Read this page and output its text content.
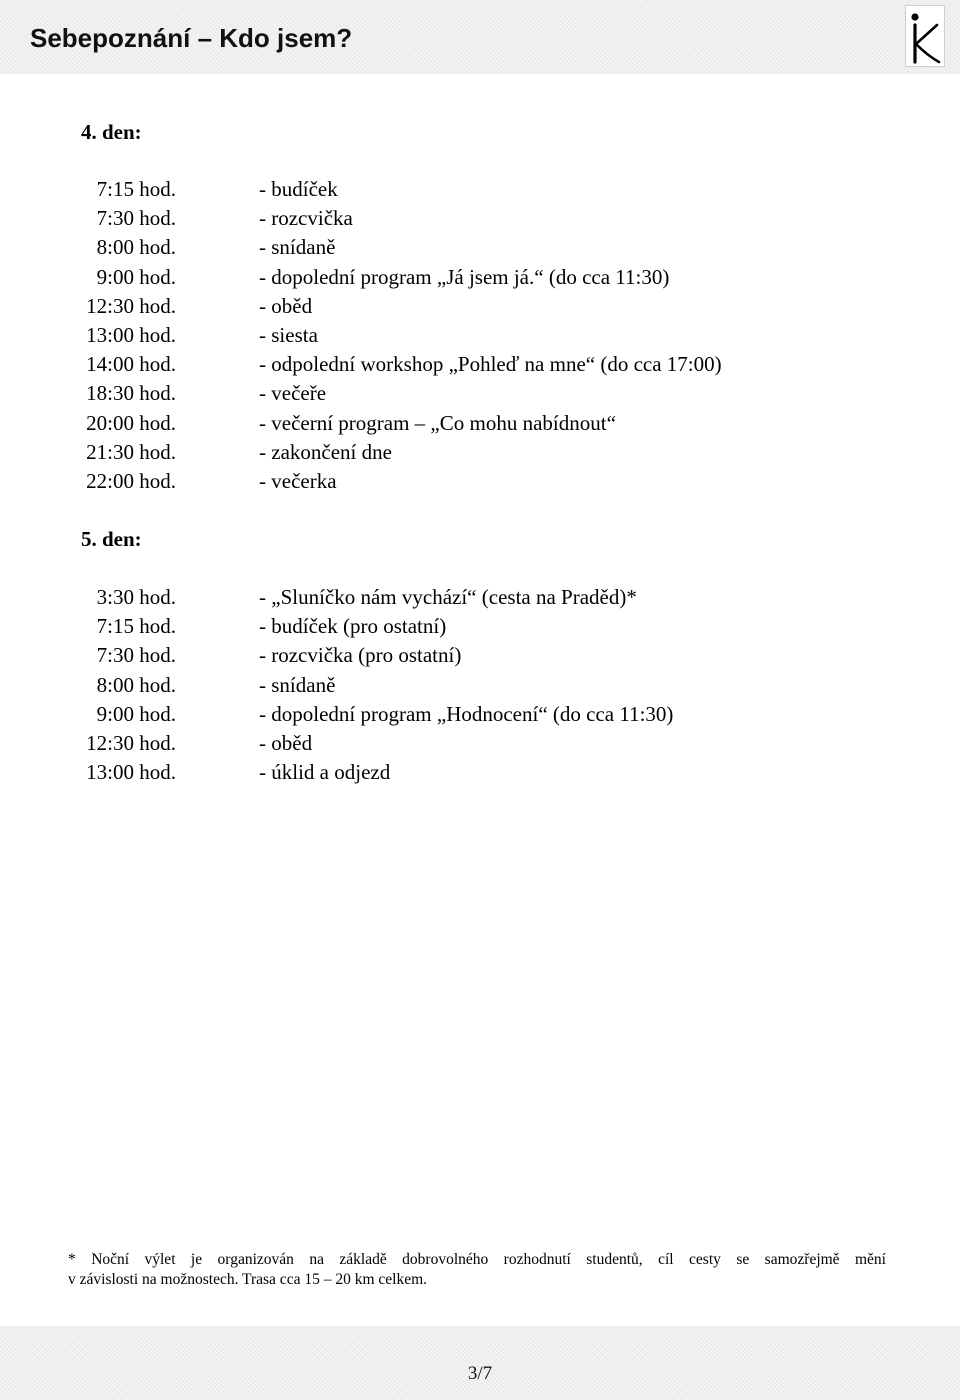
Sebepoznání – Kdo jsem?
4. den:
7:15 hod.	- budíček
7:30 hod.	- rozcvička
8:00 hod.	- snídaně
9:00 hod.	- dopolední program „Já jsem já.“ (do cca 11:30)
12:30 hod.	- oběd
13:00 hod.	- siesta
14:00 hod.	- odpolední workshop „Pohleď na mne“ (do cca 17:00)
18:30 hod.	- večeře
20:00 hod.	- večerní program – „Co mohu nabídnout“
21:30 hod.	- zakončení dne
22:00 hod.	- večerka
5. den:
3:30 hod.	- „Sluníčko nám vychází“ (cesta na Praděd)*
7:15 hod.	- budíček (pro ostatní)
7:30 hod.	- rozcvička (pro ostatní)
8:00 hod.	- snídaně
9:00 hod.	- dopolední program „Hodnocení“ (do cca 11:30)
12:30 hod.	- oběd
13:00 hod.	- úklid a odjezd

* Noční výlet je organizován na základě dobrovolného rozhodnutí studentů, cíl cesty se samozřejmě mění

v závislosti na možnostech. Trasa cca 15 – 20 km celkem.

3/7
